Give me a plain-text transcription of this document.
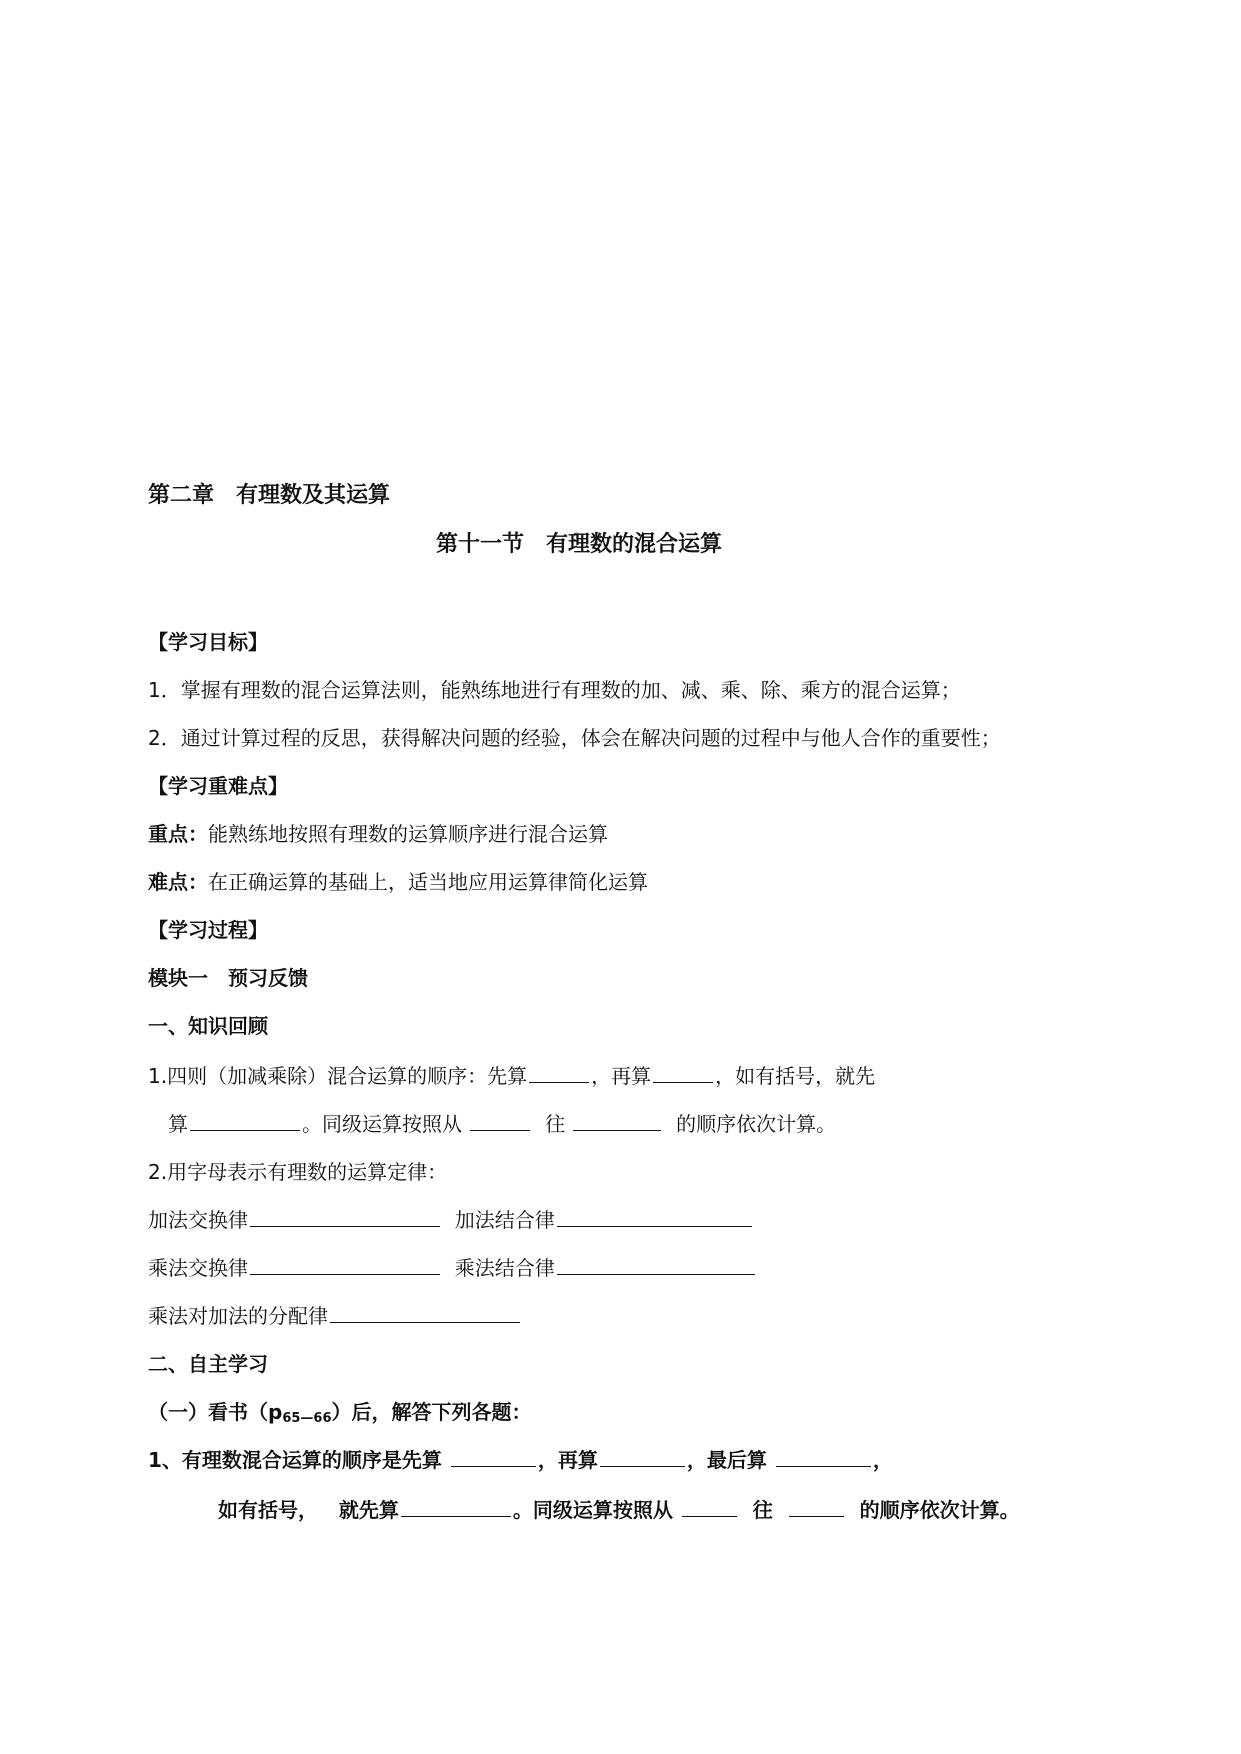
第二章　有理数及其运算
第十一节　有理数的混合运算
【学习目标】
1．掌握有理数的混合运算法则，能熟练地进行有理数的加、减、乘、除、乘方的混合运算；
2．通过计算过程的反思，获得解决问题的经验，体会在解决问题的过程中与他人合作的重要性；
【学习重难点】
重点：能熟练地按照有理数的运算顺序进行混合运算
难点：在正确运算的基础上，适当地应用运算律简化运算
【学习过程】
模块一　预习反馈
一、知识回顾
1.四则（加减乘除）混合运算的顺序：先算	，再算	，如有括号，就先
算	。同级运算按照从	往	的顺序依次计算。
2.用字母表示有理数的运算定律：
加法交换律	加法结合律
乘法交换律	乘法结合律
乘法对加法的分配律
二、自主学习
（一）看书$(p_{65—66})$后，解答下列各题：
1、有理数混合运算的顺序是先算	，再算	，最后算	，
如有括号， 就先算	。同级运算按照从	往	的顺序依次计算。
